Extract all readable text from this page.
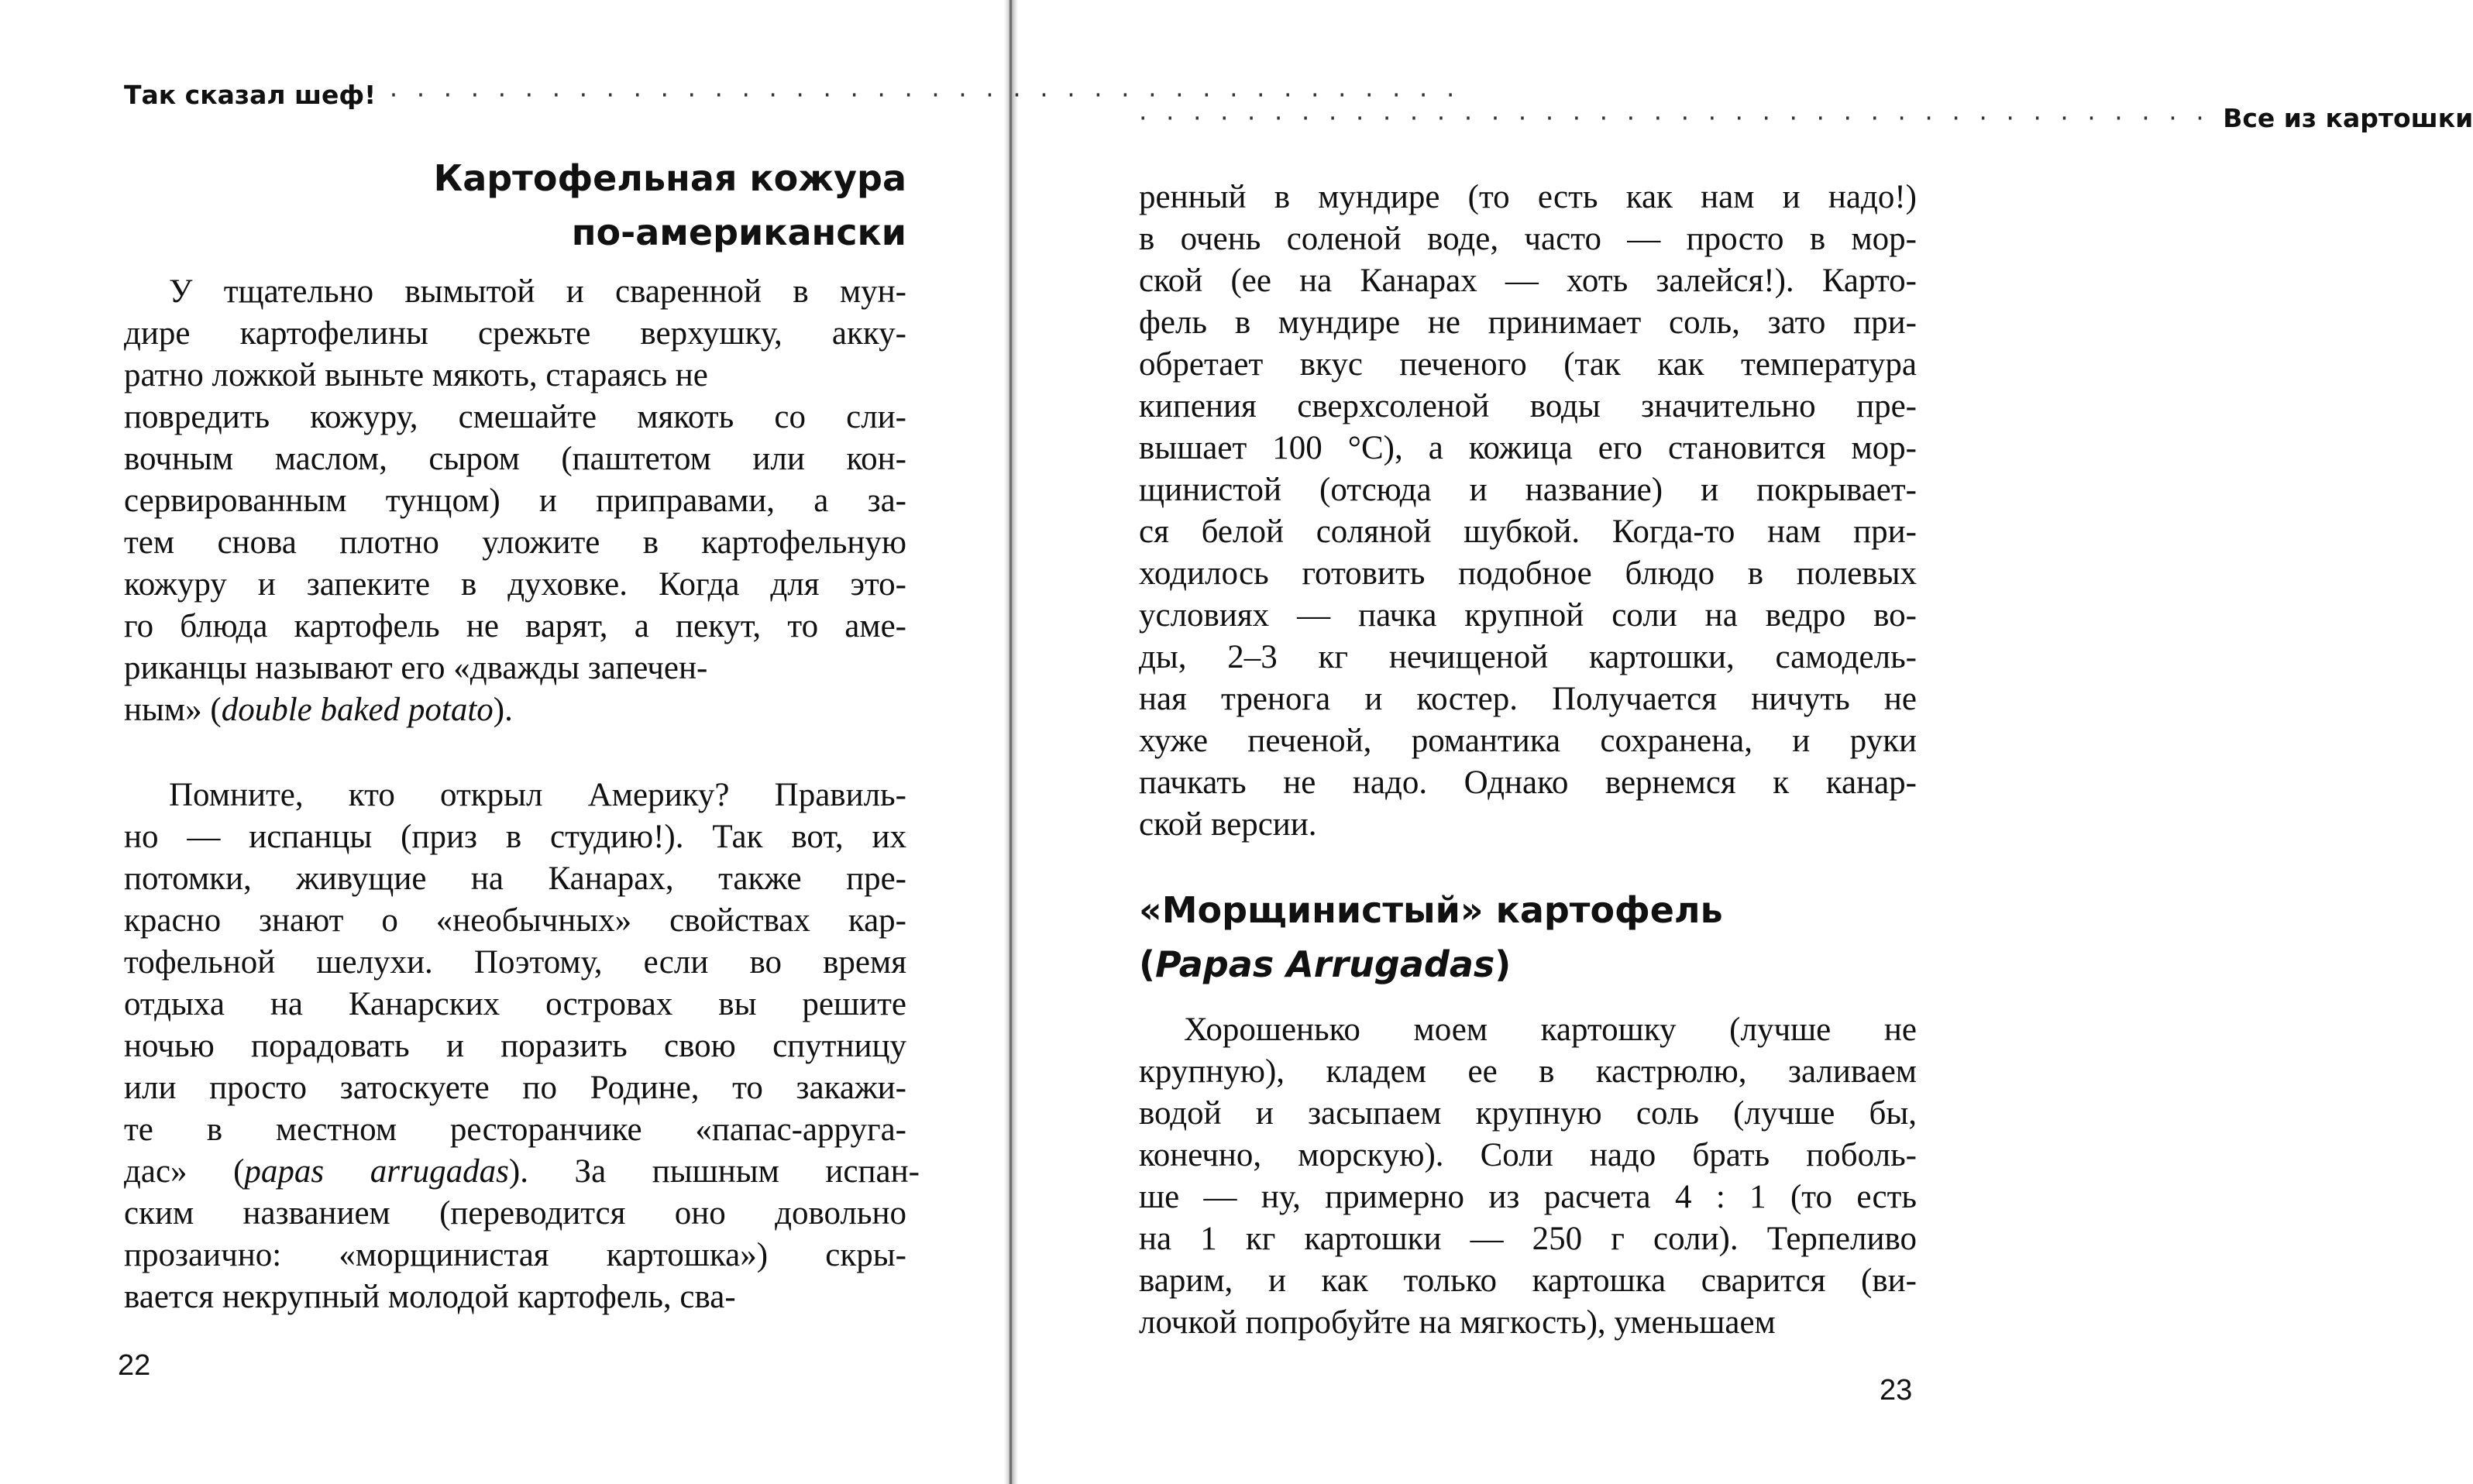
Так сказал шеф! · · · · · · · · · · · · · · · · · · · · · · · · · · · · · · · · · · · · · · · ·
Картофельная кожура
по-американски
У тщательно вымытой и сваренной в мун-
дире картофелины срежьте верхушку, акку-
ратно ложкой выньте мякоть, стараясь не
повредить кожуру, смешайте мякоть со сли-
вочным маслом, сыром (паштетом или кон-
сервированным тунцом) и приправами, а за-
тем снова плотно уложите в картофельную
кожуру и запеките в духовке. Когда для это-
го блюда картофель не варят, а пекут, то аме-
риканцы называют его «дважды запечен-
ным» (double baked potato).
Помните, кто открыл Америку? Правиль-
но — испанцы (приз в студию!). Так вот, их
потомки, живущие на Канарах, также пре-
красно знают о «необычных» свойствах кар-
тофельной шелухи. Поэтому, если во время
отдыха на Канарских островах вы решите
ночью порадовать и поразить свою спутницу
или просто затоскуете по Родине, то закажи-
те в местном ресторанчике «папас-арруга-
дас» (papas arrugadas). За пышным испан-
ским названием (переводится оно довольно
прозаично: «морщинистая картошка») скры-
вается некрупный молодой картофель, сва-
22
· · · · · · · · · · · · · · · · · · · · · · · · · · · · · · · · · · · · · · · · Все из картошки
ренный в мундире (то есть как нам и надо!)
в очень соленой воде, часто — просто в мор-
ской (ее на Канарах — хоть залейся!). Карто-
фель в мундире не принимает соль, зато при-
обретает вкус печеного (так как температура
кипения сверхсоленой воды значительно пре-
вышает 100 °С), а кожица его становится мор-
щинистой (отсюда и название) и покрывает-
ся белой соляной шубкой. Когда-то нам при-
ходилось готовить подобное блюдо в полевых
условиях — пачка крупной соли на ведро во-
ды, 2–3 кг нечищеной картошки, самодель-
ная тренога и костер. Получается ничуть не
хуже печеной, романтика сохранена, и руки
пачкать не надо. Однако вернемся к канар-
ской версии.
«Морщинистый» картофель
(Papas Arrugadas)
Хорошенько моем картошку (лучше не
крупную), кладем ее в кастрюлю, заливаем
водой и засыпаем крупную соль (лучше бы,
конечно, морскую). Соли надо брать поболь-
ше — ну, примерно из расчета 4 : 1 (то есть
на 1 кг картошки — 250 г соли). Терпеливо
варим, и как только картошка сварится (ви-
лочкой попробуйте на мягкость), уменьшаем
23
